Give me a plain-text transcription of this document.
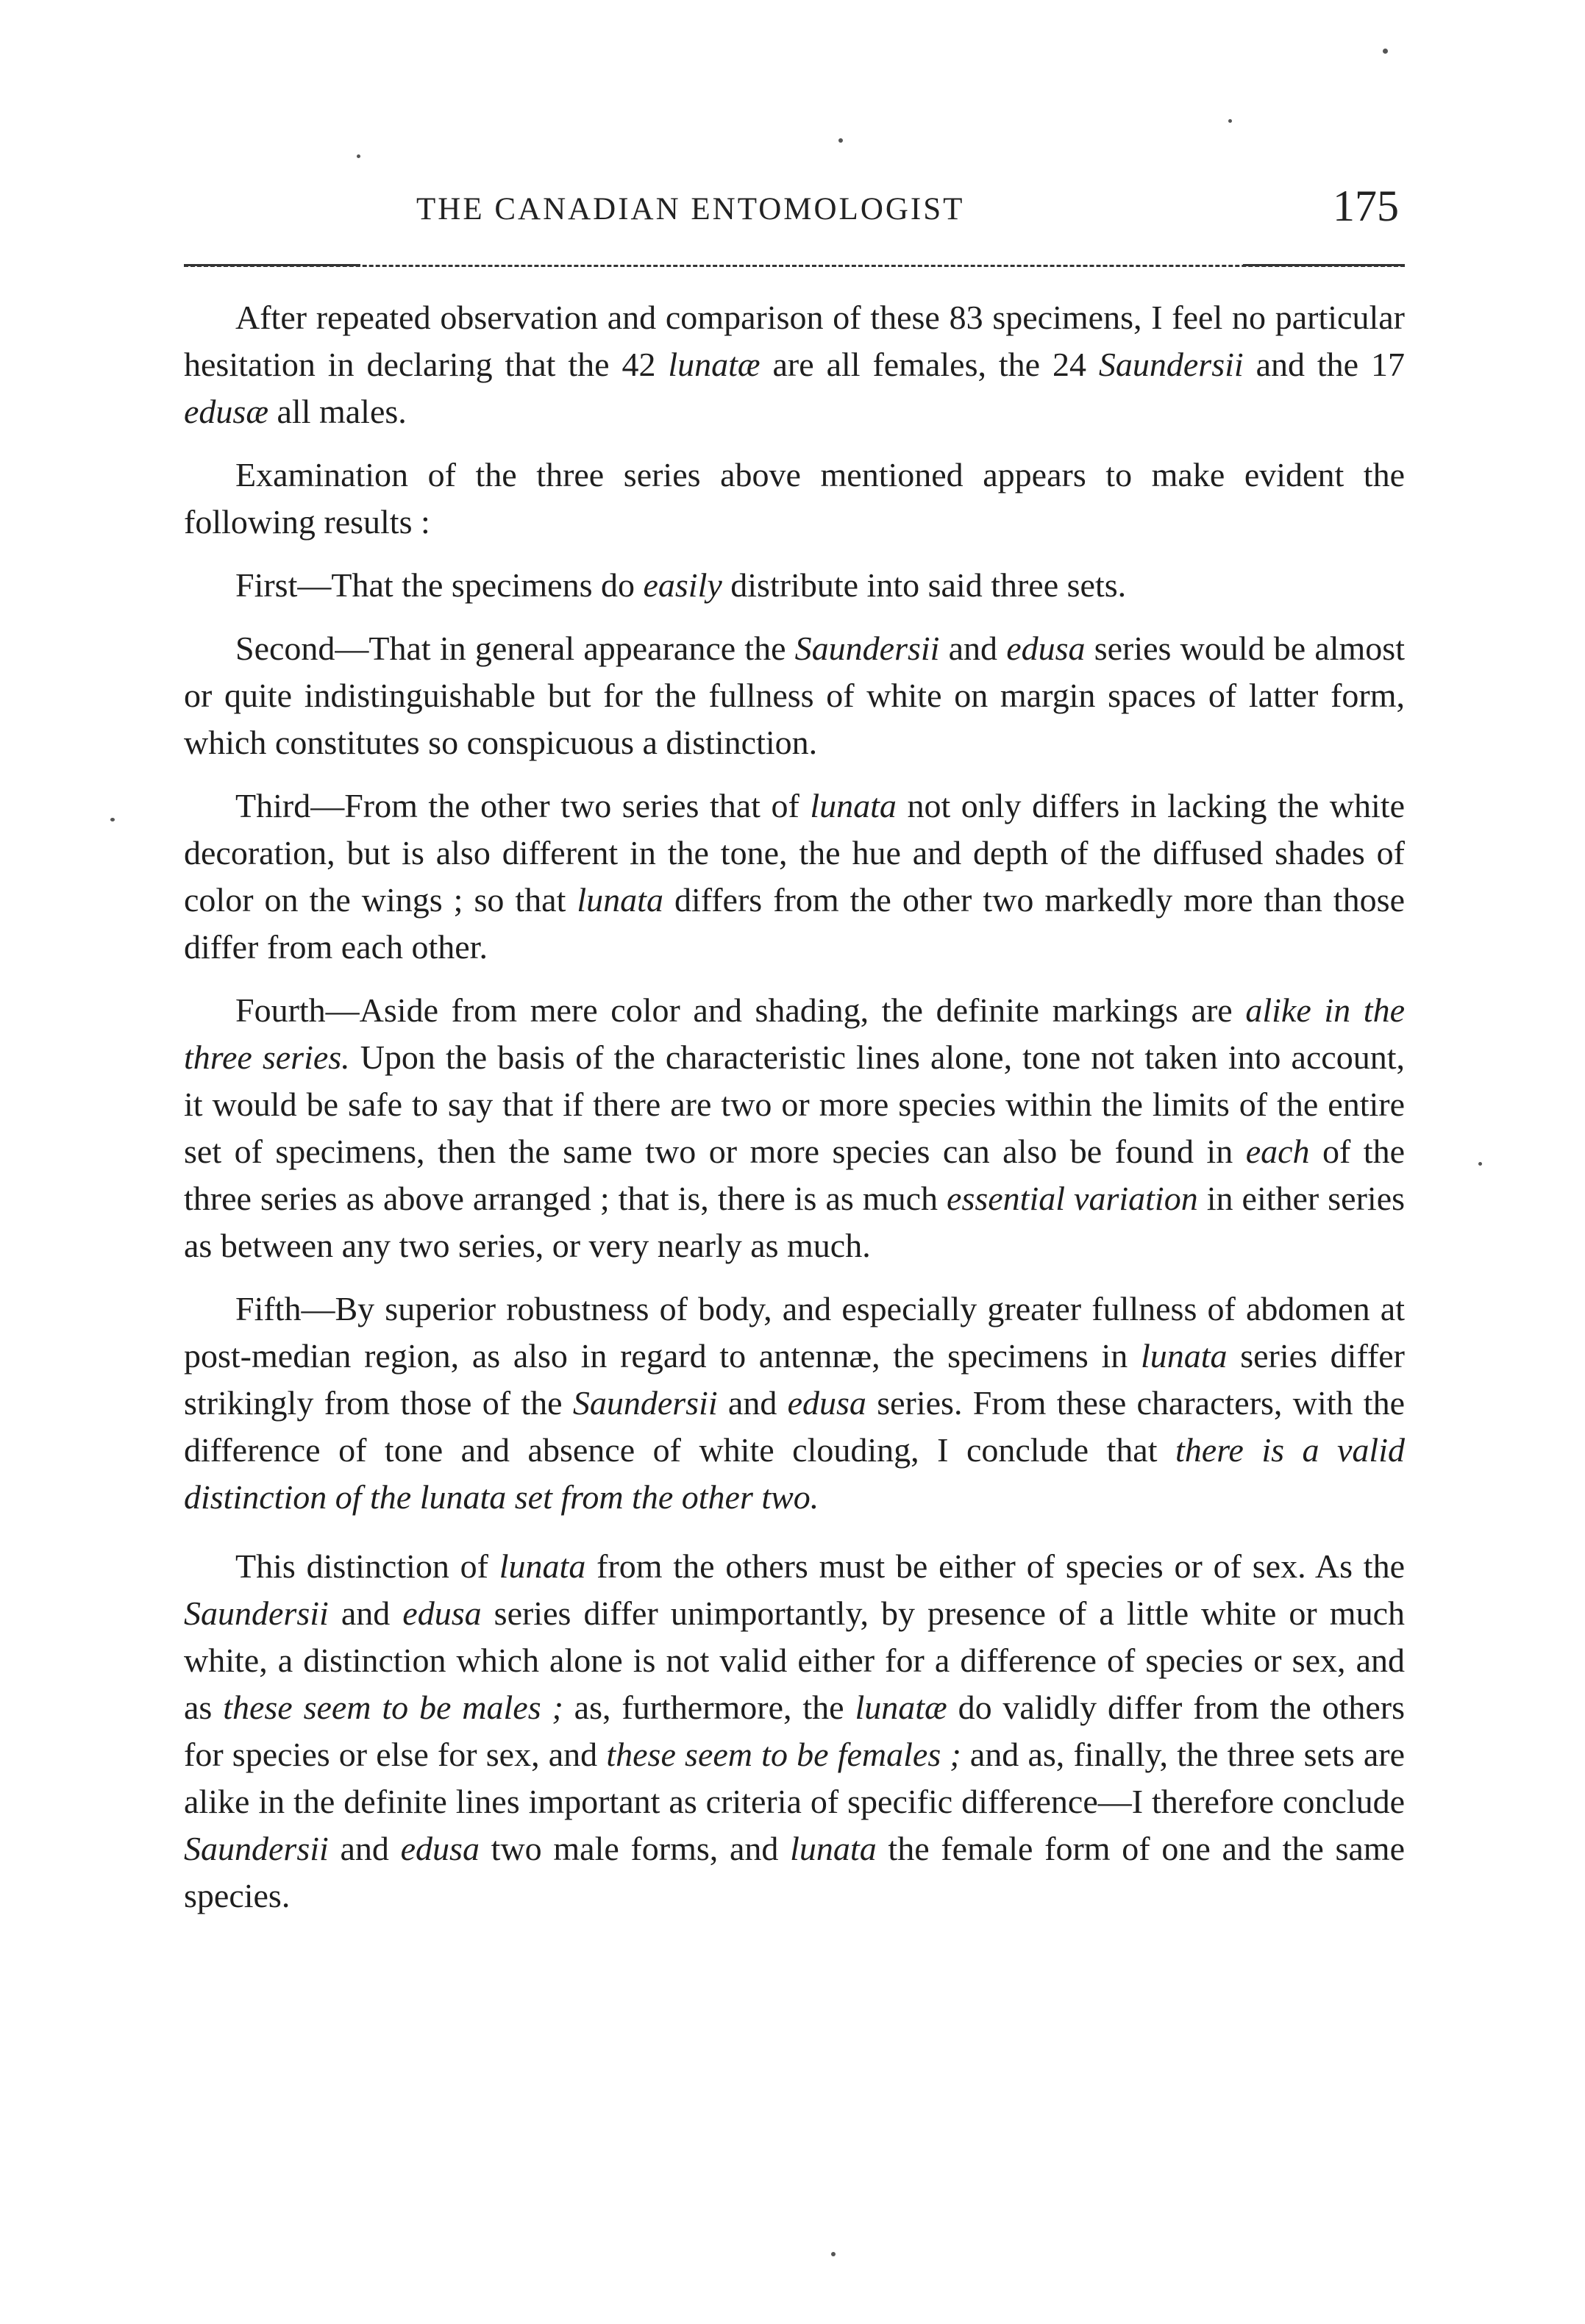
THE CANADIAN ENTOMOLOGIST	175

After repeated observation and comparison of these 83 specimens, I feel no particular hesitation in declaring that the 42 lunatæ are all females, the 24 Saundersii and the 17 edusæ all males.

Examination of the three series above mentioned appears to make evident the following results :

First—That the specimens do easily distribute into said three sets.

Second—That in general appearance the Saundersii and edusa series would be almost or quite indistinguishable but for the fullness of white on margin spaces of latter form, which constitutes so conspicuous a distinction.

Third—From the other two series that of lunata not only differs in lacking the white decoration, but is also different in the tone, the hue and depth of the diffused shades of color on the wings ; so that lunata differs from the other two markedly more than those differ from each other.

Fourth—Aside from mere color and shading, the definite markings are alike in the three series. Upon the basis of the characteristic lines alone, tone not taken into account, it would be safe to say that if there are two or more species within the limits of the entire set of specimens, then the same two or more species can also be found in each of the three series as above arranged ; that is, there is as much essential variation in either series as between any two series, or very nearly as much.

Fifth—By superior robustness of body, and especially greater fullness of abdomen at post-median region, as also in regard to antennæ, the specimens in lunata series differ strikingly from those of the Saundersii and edusa series. From these characters, with the difference of tone and absence of white clouding, I conclude that there is a valid distinction of the lunata set from the other two.

This distinction of lunata from the others must be either of species or of sex. As the Saundersii and edusa series differ unimportantly, by presence of a little white or much white, a distinction which alone is not valid either for a difference of species or sex, and as these seem to be males ; as, furthermore, the lunatæ do validly differ from the others for species or else for sex, and these seem to be females ; and as, finally, the three sets are alike in the definite lines important as criteria of specific difference—I therefore conclude Saundersii and edusa two male forms, and lunata the female form of one and the same species.
